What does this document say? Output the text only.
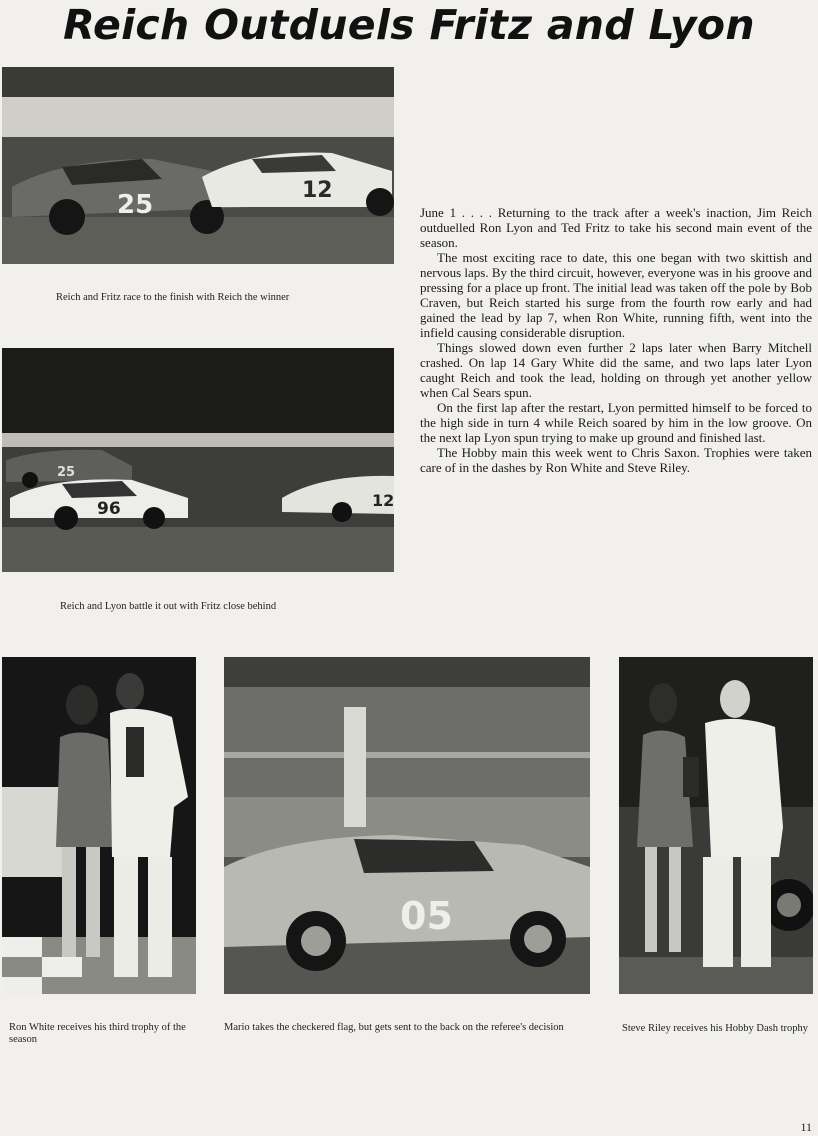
Reich Outduels Fritz and Lyon
25	12
Reich and Fritz race to the finish with Reich the winner
25
96	12
Reich and Lyon battle it out with Fritz close behind

June 1 . . . . Returning to the track after a week's inaction, Jim Reich outduelled Ron Lyon and Ted Fritz to take his second main event of the season.

The most exciting race to date, this one began with two skittish and nervous laps. By the third circuit, however, everyone was in his groove and pressing for a place up front. The initial lead was taken off the pole by Bob Craven, but Reich started his surge from the fourth row early and had gained the lead by lap 7, when Ron White, running fifth, went into the infield causing considerable disruption.

Things slowed down even further 2 laps later when Barry Mitchell crashed. On lap 14 Gary White did the same, and two laps later Lyon caught Reich and took the lead, holding on through yet another yellow when Cal Sears spun.

On the first lap after the restart, Lyon permitted himself to be forced to the high side in turn 4 while Reich soared by him in the low groove. On the next lap Lyon spun trying to make up ground and finished last.

The Hobby main this week went to Chris Saxon. Trophies were taken care of in the dashes by Ron White and Steve Riley.

Ron White receives his third trophy of the season
05
Mario takes the checkered flag, but gets sent to the back on the referee's decision	Steve Riley receives his Hobby Dash trophy
11
